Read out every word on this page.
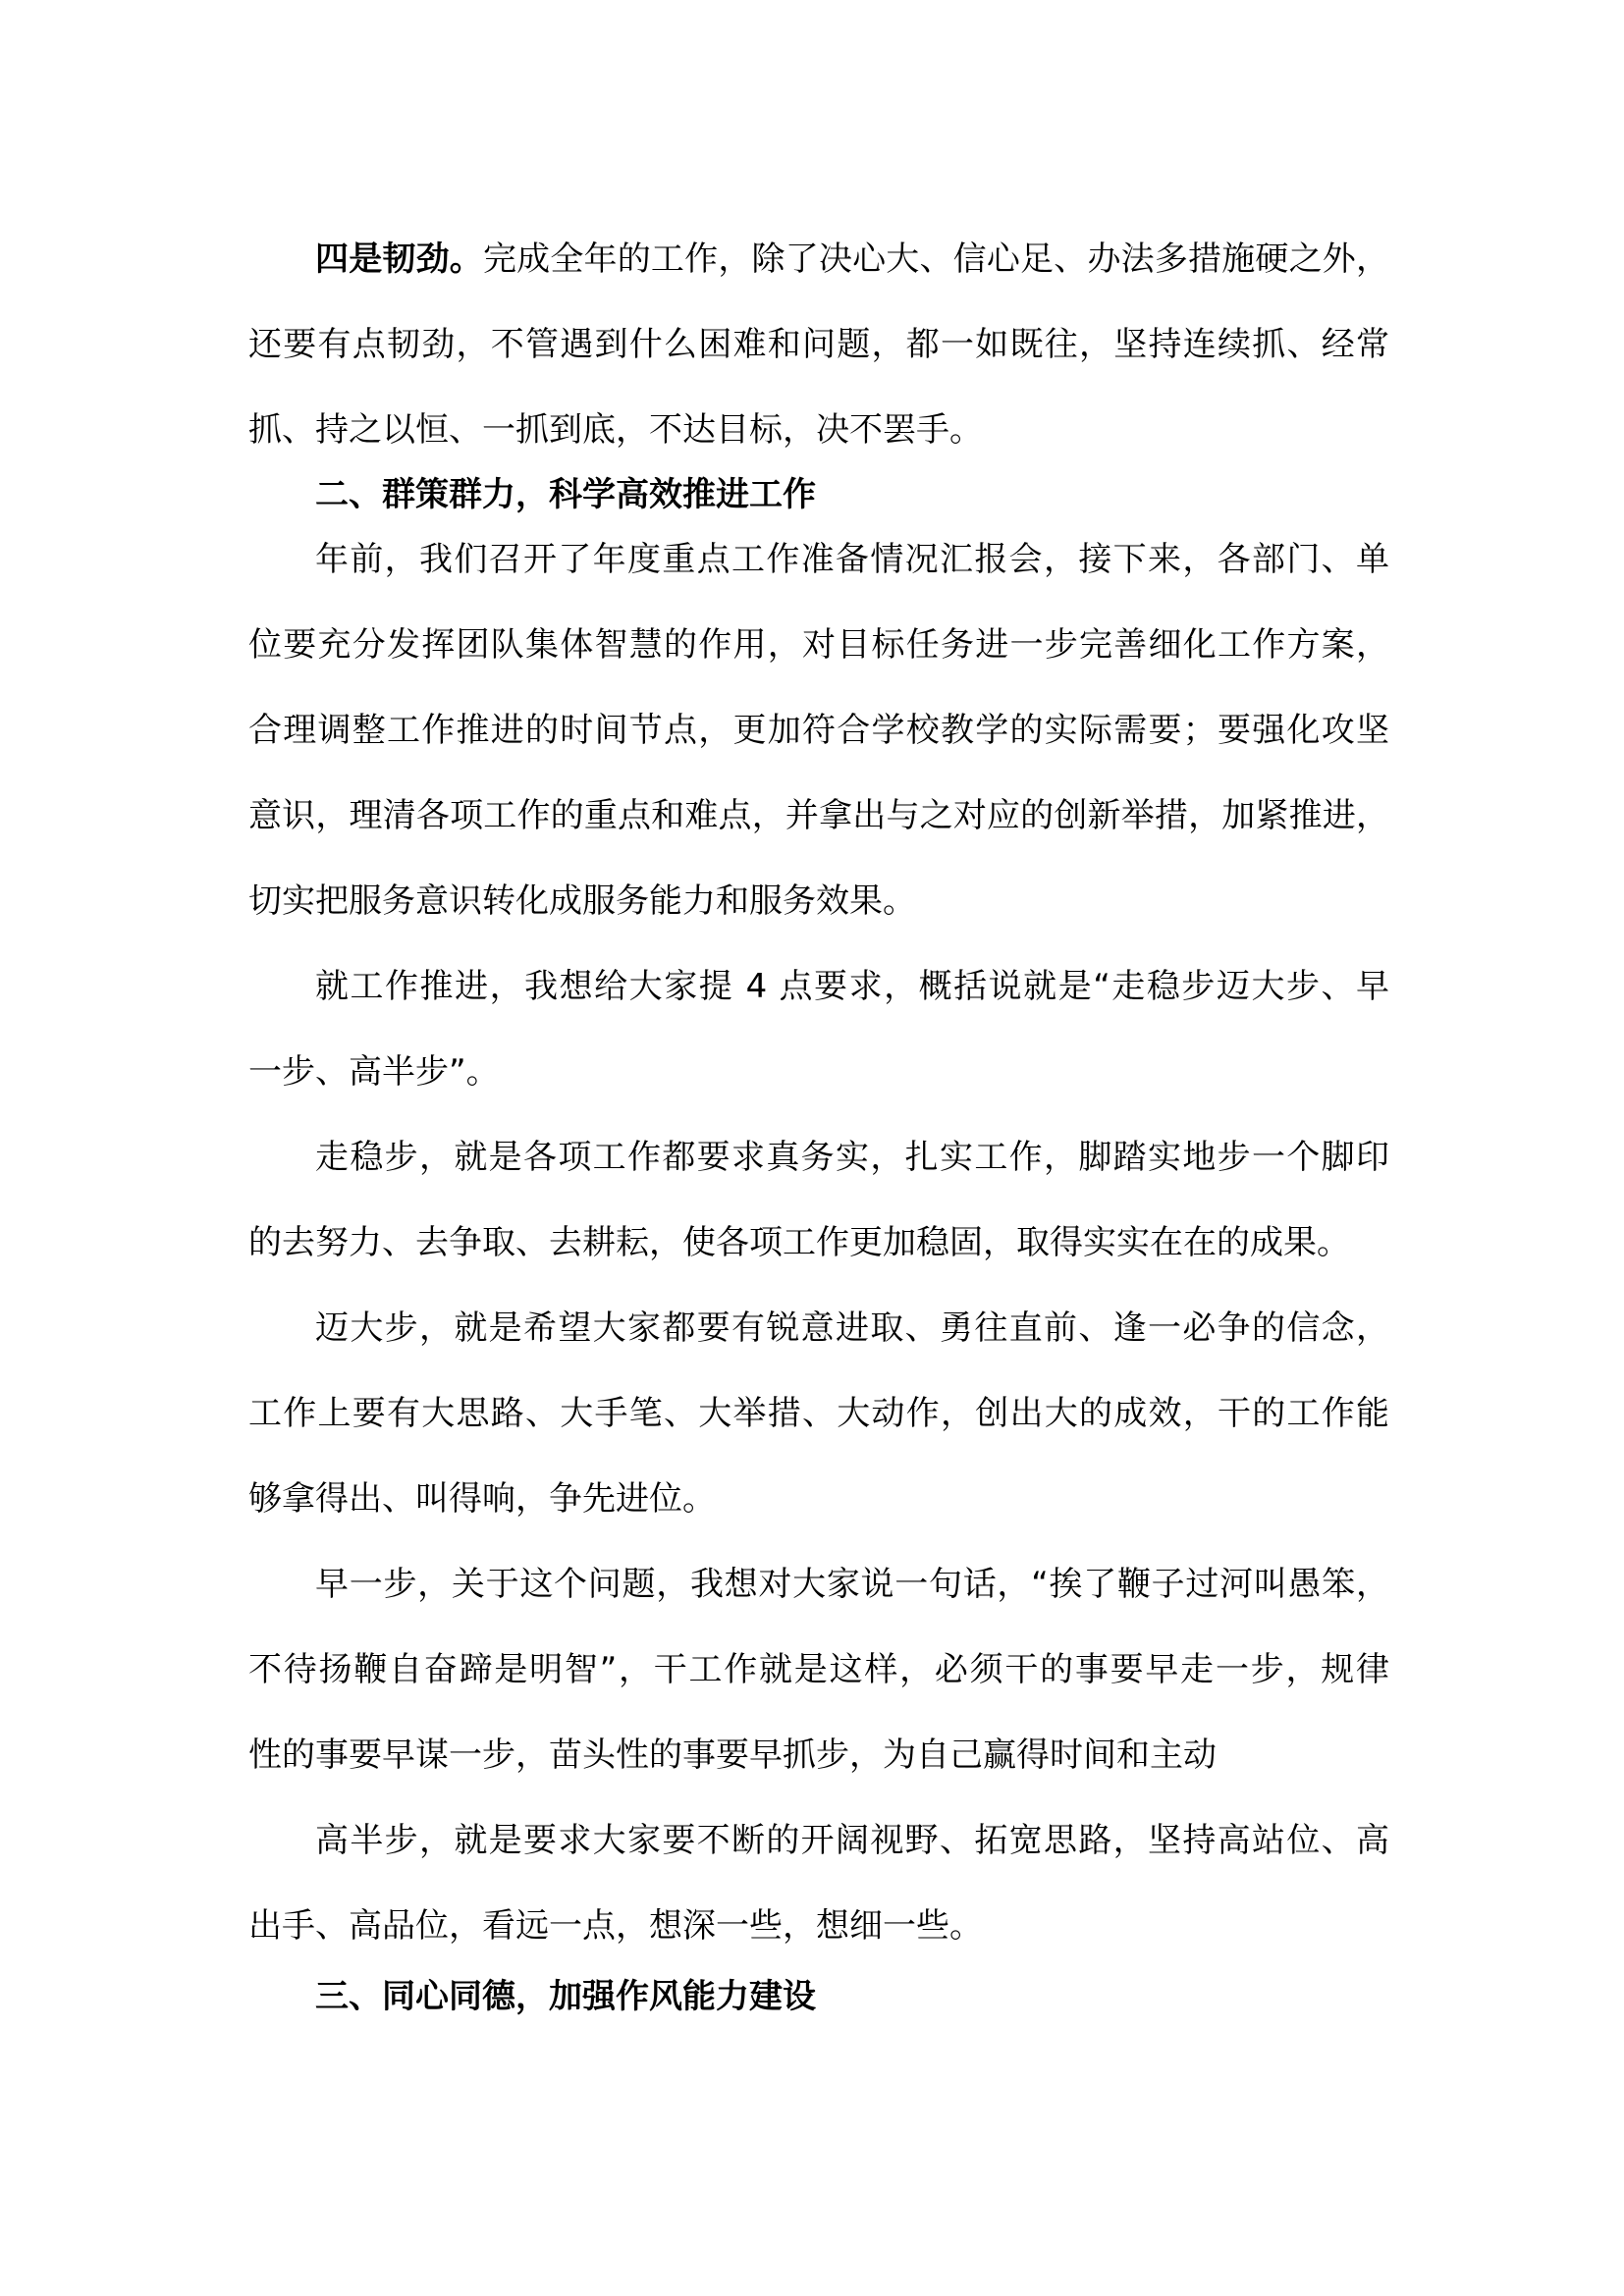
四是韧劲。完成全年的工作，除了决心大、信心足、办法多措施硬之外，
还要有点韧劲，不管遇到什么困难和问题，都一如既往，坚持连续抓、经常
抓、持之以恒、一抓到底，不达目标，决不罢手。
二、群策群力，科学高效推进工作
年前，我们召开了年度重点工作准备情况汇报会，接下来，各部门、单
位要充分发挥团队集体智慧的作用，对目标任务进一步完善细化工作方案，
合理调整工作推进的时间节点，更加符合学校教学的实际需要；要强化攻坚
意识，理清各项工作的重点和难点，并拿出与之对应的创新举措，加紧推进，
切实把服务意识转化成服务能力和服务效果。
就工作推进，我想给大家提 4 点要求，概括说就是“走稳步迈大步、早
一步、高半步”。
走稳步，就是各项工作都要求真务实，扎实工作，脚踏实地步一个脚印
的去努力、去争取、去耕耘，使各项工作更加稳固，取得实实在在的成果。
迈大步，就是希望大家都要有锐意进取、勇往直前、逢一必争的信念，
工作上要有大思路、大手笔、大举措、大动作，创出大的成效，干的工作能
够拿得出、叫得响，争先进位。
早一步，关于这个问题，我想对大家说一句话，“挨了鞭子过河叫愚笨，
不待扬鞭自奋蹄是明智”，干工作就是这样，必须干的事要早走一步，规律
性的事要早谋一步，苗头性的事要早抓步，为自己赢得时间和主动
高半步，就是要求大家要不断的开阔视野、拓宽思路，坚持高站位、高
出手、高品位，看远一点，想深一些，想细一些。
三、同心同德，加强作风能力建设
